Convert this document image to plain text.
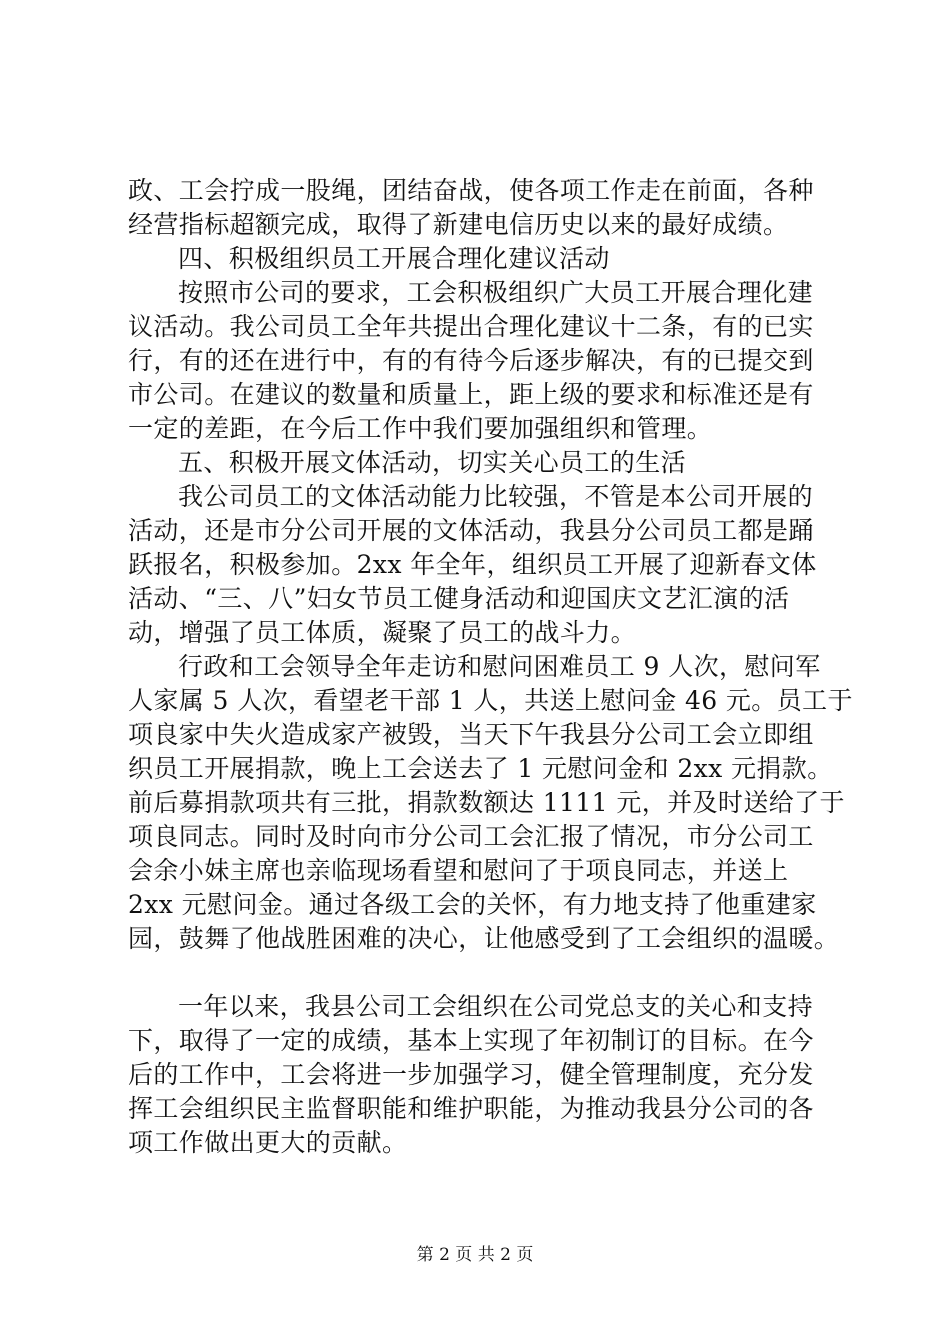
政、工会拧成一股绳，团结奋战，使各项工作走在前面，各种
经营指标超额完成，取得了新建电信历史以来的最好成绩。
四、积极组织员工开展合理化建议活动
按照市公司的要求，工会积极组织广大员工开展合理化建
议活动。我公司员工全年共提出合理化建议十二条，有的已实
行，有的还在进行中，有的有待今后逐步解决，有的已提交到
市公司。在建议的数量和质量上，距上级的要求和标准还是有
一定的差距，在今后工作中我们要加强组织和管理。
五、积极开展文体活动，切实关心员工的生活
我公司员工的文体活动能力比较强，不管是本公司开展的
活动，还是市分公司开展的文体活动，我县分公司员工都是踊
跃报名，积极参加。2xx 年全年，组织员工开展了迎新春文体
活动、“三、八”妇女节员工健身活动和迎国庆文艺汇演的活
动，增强了员工体质，凝聚了员工的战斗力。
行政和工会领导全年走访和慰问困难员工 9 人次，慰问军
人家属 5 人次，看望老干部 1 人，共送上慰问金 46 元。员工于
项良家中失火造成家产被毁，当天下午我县分公司工会立即组
织员工开展捐款，晚上工会送去了 1 元慰问金和 2xx 元捐款。
前后募捐款项共有三批，捐款数额达 1111 元，并及时送给了于
项良同志。同时及时向市分公司工会汇报了情况，市分公司工
会余小妹主席也亲临现场看望和慰问了于项良同志，并送上
2xx 元慰问金。通过各级工会的关怀，有力地支持了他重建家
园，鼓舞了他战胜困难的决心，让他感受到了工会组织的温暖。
一年以来，我县公司工会组织在公司党总支的关心和支持
下，取得了一定的成绩，基本上实现了年初制订的目标。在今
后的工作中，工会将进一步加强学习，健全管理制度，充分发
挥工会组织民主监督职能和维护职能，为推动我县分公司的各
项工作做出更大的贡献。
第 2 页 共 2 页
